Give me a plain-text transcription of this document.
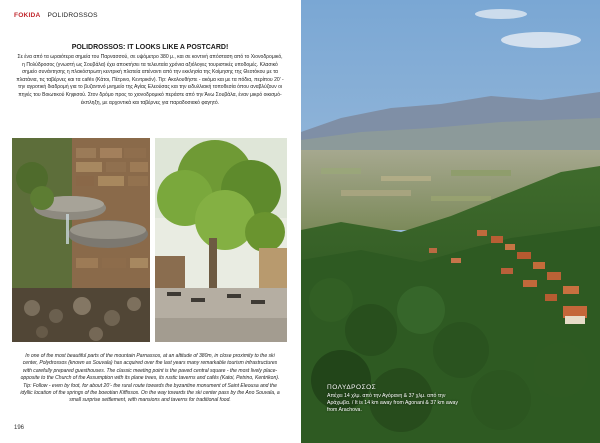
FOKIDA POLIDROSSOS
POLIDROSSOS: IT LOOKS LIKE A POSTCARD!
Σε ένα από τα ωραιότερα σημεία του Παρνασσού, σε υψόμετρο 380 μ., και σε κοντινή απόσταση από το Χιονοδρομικό, η Πολύδροσος (γνωστή ως Σουβάλα) έχει αποκτήσει τα τελευταία χρόνια αξιόλογες τουριστικές υποδομές. Κλασικό σημείο συνάντησης η πλακόστρωτη κεντρική πλατεία απέναντι από την εκκλησία της Κοίμησης της Θεοτόκου με τα πλατάνια, τις ταβέρνες και τα cafés (Κάτοι, Πέτρινο, Κεντρικόν). Tip: Ακολουθήστε - ακόμα και με τα πόδια, περίπου 20’ - την αγροτική διαδρομή για το βυζαντινό μνημείο της Αγίας Ελεούσας και την ειδυλλιακή τοποθεσία όπου αναβλύζουν οι πηγές του Βοιωτικού Κηφισού. Στον δρόμο προς το χιονοδρομικό περάστε από την Άνω Σουβάλα, έναν μικρό οικισμό-έκπληξη, με αρχοντικά και ταβέρνες για παραδοσιακό φαγητό.
In one of the most beautiful parts of the mountain Parnassos, at an altitude of 380m, in close proximity to the ski center, Polydrossos (known as Souvala) has acquired over the last years many remarkable tourism infrastructures with carefully prepared guesthouses. The classic meeting point is the paved central square - the most lively place- opposite to the Church of the Assumption with its plane trees, its rustic taverns and cafés (Katoi, Petrino, Kentrikon). Tip: Follow - even by foot, for about 20’- the rural route towards the byzantine monument of Saint Eleousa and the idyllic location of the springs of the boeotian Kiffissos. On the way towards the ski center pass by the Ano Souvala, a small surprise settlement, with mansions and taverns for traditional food.
196
ΠΟΛΥΔΡΟΣΟΣ
Απέχει 14 χλμ. από την Αγόρανη & 37 χλμ. από την Αράχωβα. / It is 14 km away from Agonani & 37 km away from Arachova.
